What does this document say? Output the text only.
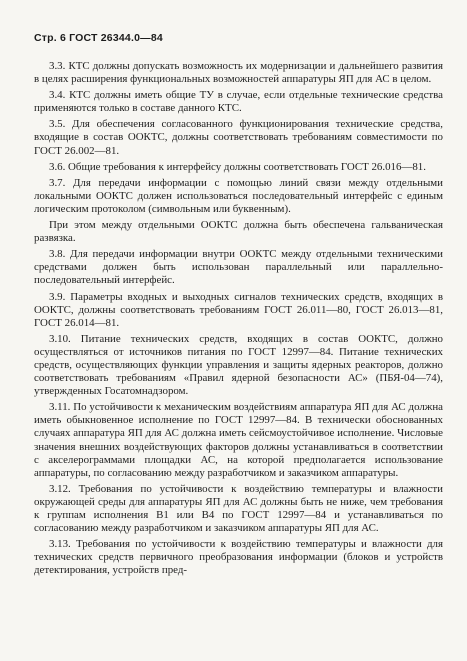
Стр. 6 ГОСТ 26344.0—84

3.3. КТС должны допускать возможность их модернизации и дальнейшего развития в целях расширения функциональных возможностей аппаратуры ЯП для АС в целом.

3.4. КТС должны иметь общие ТУ в случае, если отдельные технические средства применяются только в составе данного КТС.

3.5. Для обеспечения согласованного функционирования технические средства, входящие в состав ООКТС, должны соответствовать требованиям совместимости по ГОСТ 26.002—81.

3.6. Общие требования к интерфейсу должны соответствовать ГОСТ 26.016—81.

3.7. Для передачи информации с помощью линий связи между отдельными локальными ООКТС должен использоваться последовательный интерфейс с единым логическим протоколом (символьным или буквенным).

При этом между отдельными ООКТС должна быть обеспечена гальваническая развязка.

3.8. Для передачи информации внутри ООКТС между отдельными техническими средствами должен быть использован параллельный или параллельно-последовательный интерфейс.

3.9. Параметры входных и выходных сигналов технических средств, входящих в ООКТС, должны соответствовать требованиям ГОСТ 26.011—80, ГОСТ 26.013—81, ГОСТ 26.014—81.

3.10. Питание технических средств, входящих в состав ООКТС, должно осуществляться от источников питания по ГОСТ 12997—84. Питание технических средств, осуществляющих функции управления и защиты ядерных реакторов, должно соответствовать требованиям «Правил ядерной безопасности АС» (ПБЯ-04—74), утвержденных Госатомнадзором.

3.11. По устойчивости к механическим воздействиям аппаратура ЯП для АС должна иметь обыкновенное исполнение по ГОСТ 12997—84. В технически обоснованных случаях аппаратура ЯП для АС должна иметь сейсмоустойчивое исполнение. Числовые значения внешних воздействующих факторов должны устанавливаться в соответствии с акселерограммами площадки АС, на которой предполагается использование аппаратуры, по согласованию между разработчиком и заказчиком аппаратуры.

3.12. Требования по устойчивости к воздействию температуры и влажности окружающей среды для аппаратуры ЯП для АС должны быть не ниже, чем требования к группам исполнения В1 или В4 по ГОСТ 12997—84 и устанавливаться по согласованию между разработчиком и заказчиком аппаратуры ЯП для АС.

3.13. Требования по устойчивости к воздействию температуры и влажности для технических средств первичного преобразования информации (блоков и устройств детектирования, устройств пред-
